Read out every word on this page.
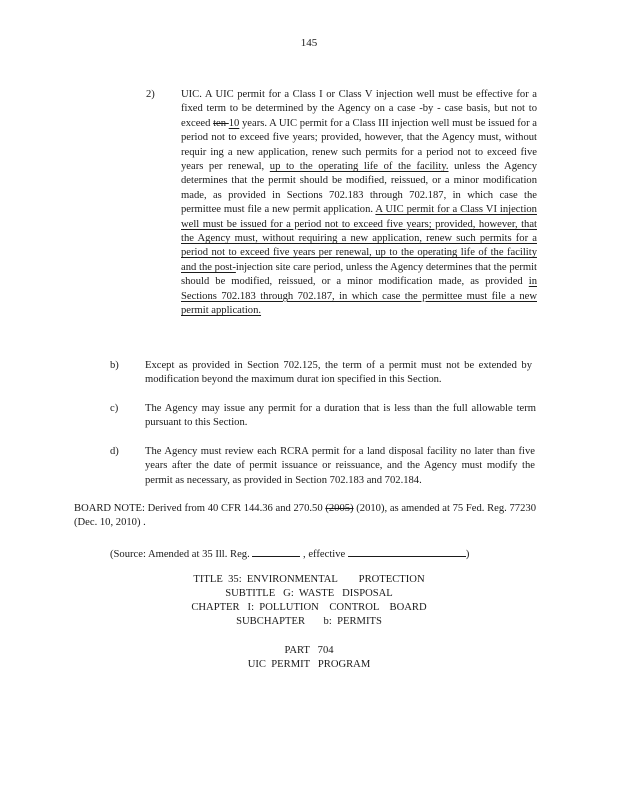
145
2) UIC. A UIC permit for a Class I or Class V injection well must be effective for a fixed term to be determined by the Agency on a case -by - case basis, but not to exceed ten 10 years. A UIC permit for a Class III injection well must be issued for a period not to exceed five years; provided, however, that the Agency must, without requir ing a new application, renew such permits for a period not to exceed five years per renewal, up to the operating life of the facility. unless the Agency determines that the permit should be modified, reissued, or a minor modification made, as provided in Sections 702.183 through 702.187, in which case the permittee must file a new permit application. A UIC permit for a Class VI injection well must be issued for a period not to exceed five years; provided, however, that the Agency must, without requiring a new application, renew such permits for a period not to exceed five years per renewal, up to the operating life of the facility and the post-injection site care period, unless the Agency determines that the permit should be modified, reissued, or a minor modification made, as provided in Sections 702.183 through 702.187, in which case the permittee must file a new permit application.

b) Except as provided in Section 702.125, the term of a permit must not be extended by modification beyond the maximum durat ion specified in this Section.
c)	The Agency may issue any permit for a duration that is less than the full allowable term pursuant to this Section.
d) The Agency must review each RCRA permit for a land disposal facility no later than five years after the date of permit issuance or reissuance, and the Agency must modify the permit as necessary, as provided in Section 702.183 and 702.184.

BOARD NOTE: Derived from 40 CFR 144.36 and 270.50 (2005) (2010), as amended at 75 Fed. Reg. 77230 (Dec. 10, 2010) .

(Source: Amended at 35 Ill. Reg.	, effective	)
TITLE  35:  ENVIRONMENTAL        PROTECTION
SUBTITLE   G:  WASTE   DISPOSAL
CHAPTER   I:  POLLUTION    CONTROL    BOARD
SUBCHAPTER       b:  PERMITS
PART   704
UIC  PERMIT   PROGRAM
